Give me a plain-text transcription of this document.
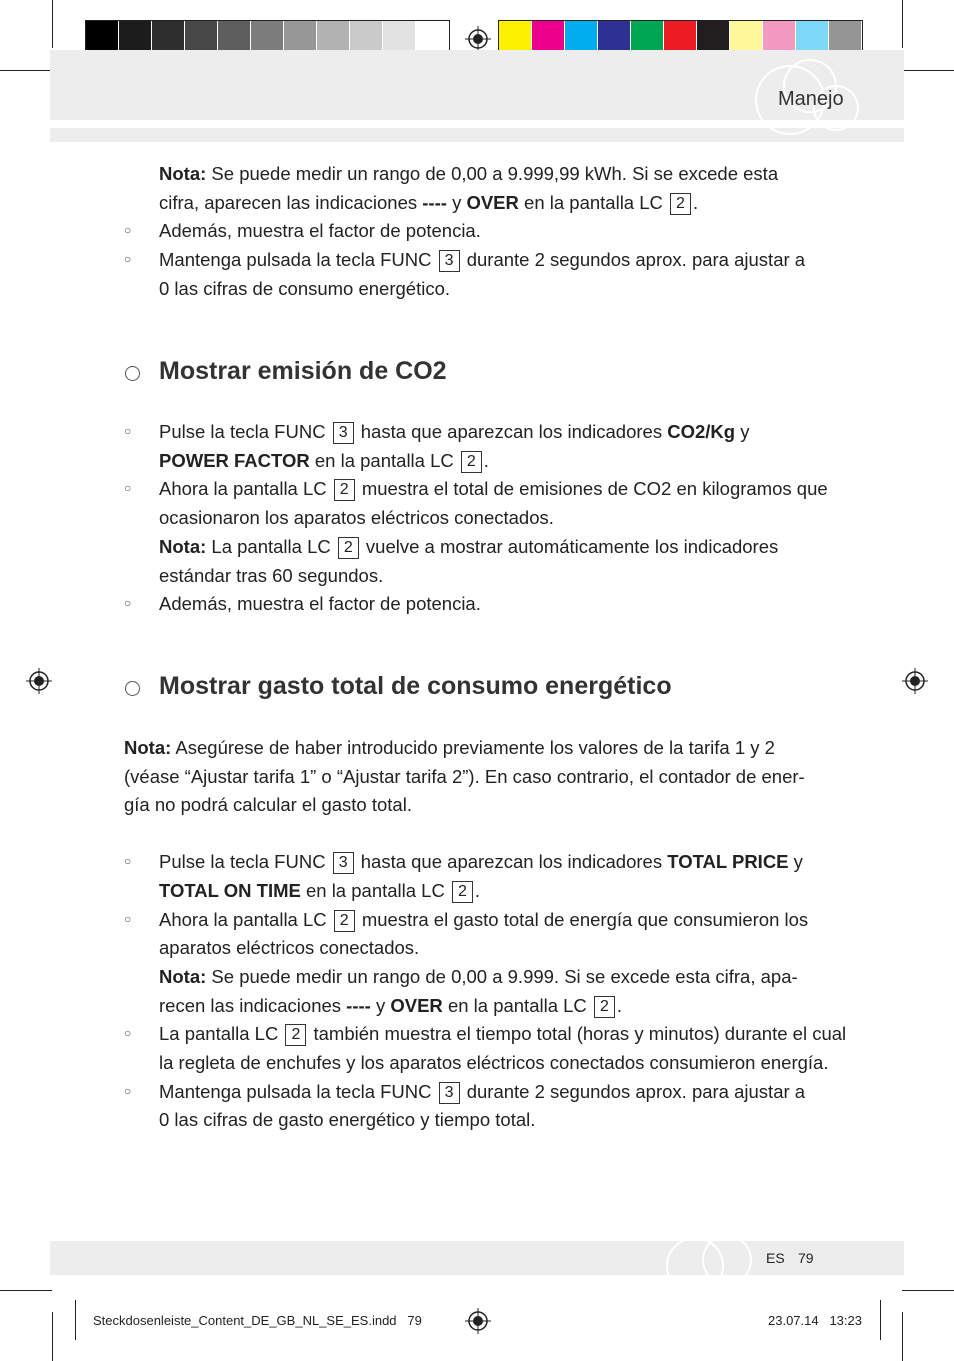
Manejo
Nota: Se puede medir un rango de 0,00 a 9.999,99 kWh. Si se excede esta
cifra, aparecen las indicaciones ---- y OVER en la pantalla LC 2 .
○ Además, muestra el factor de potencia.
○ Mantenga pulsada la tecla FUNC 3 durante 2 segundos aprox. para ajustar a
0 las cifras de consumo energético.
Mostrar emisión de CO2
○ Pulse la tecla FUNC 3 hasta que aparezcan los indicadores CO2/Kg y
POWER FACTOR en la pantalla LC 2 .
○ Ahora la pantalla LC 2 muestra el total de emisiones de CO2 en kilogramos que
ocasionaron los aparatos eléctricos conectados.
Nota: La pantalla LC 2 vuelve a mostrar automáticamente los indicadores
estándar tras 60 segundos.
○ Además, muestra el factor de potencia.
Mostrar gasto total de consumo energético
Nota: Asegúrese de haber introducido previamente los valores de la tarifa 1 y 2
(véase “Ajustar tarifa 1” o “Ajustar tarifa 2”). En caso contrario, el contador de ener-
gía no podrá calcular el gasto total.
○ Pulse la tecla FUNC 3 hasta que aparezcan los indicadores TOTAL PRICE y
TOTAL ON TIME en la pantalla LC 2 .
○ Ahora la pantalla LC 2 muestra el gasto total de energía que consumieron los
aparatos eléctricos conectados.
Nota: Se puede medir un rango de 0,00 a 9.999. Si se excede esta cifra, apa-
recen las indicaciones ---- y OVER en la pantalla LC 2 .
○ La pantalla LC 2 también muestra el tiempo total (horas y minutos) durante el cual
la regleta de enchufes y los aparatos eléctricos conectados consumieron energía.
○ Mantenga pulsada la tecla FUNC 3 durante 2 segundos aprox. para ajustar a
0 las cifras de gasto energético y tiempo total.
ES 79
Steckdosenleiste_Content_DE_GB_NL_SE_ES.indd 79	23.07.14 13:23
